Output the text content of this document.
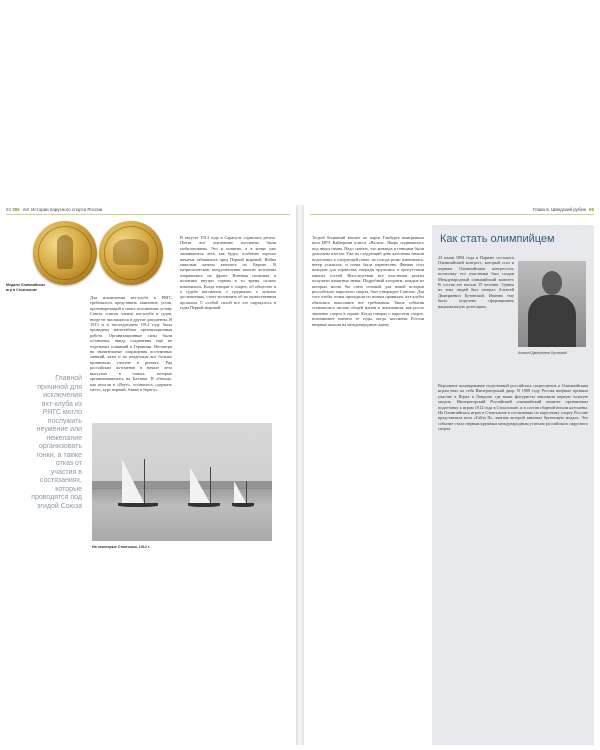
94 386 лет Истории парусного спорта России
Медали Олимпийских игр в Стокгольме

Для исключения яхт-клуба в РЯГС требовалось представить заявление, устав, противоречащий в своих положениях уставу Союза, список членов яхт-клуба и судов, нигде не числящихся и другие документы. В 1913 и в последующем 1914 году была проведена масштабная организационная работа. Организационные силы были оставлены, ввиду сохранения ещё не отдельных плаваний в Германии. Несмотря на значительные сокращения постоянных занятий, яхты и их владельцы все больше принимали участие в регатах. Ряд российских яхтсменов в начале лета выступал в гонках, которые организовывались на Балтике. В обиходе, как писали в «Яхте», оставалось «держать место, курс верный, ближе к берегу».

Главной причиной для исключения яхт-клуба из РЯГС могло послужить неумение или нежелание организовать гонки, а также отказ от участия в состязаниях, которые проводятся под эгидой Союза

В августе 1914 года в Сарапуле сорвалась регата. Почти все уцелевшие яхтсмены были мобилизованы. Это и понятно, а в конце уже лишившиеся лета, как будто, особенно хорошо начатые забывались пред Первой мировой. Война тяжелым катком катилась по Европе. В патриотическом воодушевлении многие яхтсмены отправились на фронт. Военная политика и политика внутри страны в то время сильно изменились. Когда говорят о спорте, об обществе и о судьбе яхтсменов, о традициях, о лучших достижениях, стоит вспомнить об их мужественном прошлом. С особой силой все это ощущалось в годы Первой мировой.

На некоторых Стокгольм, 1912 г.
Глава 6. Шведский рубеж 95

Тогдой боцманий вполне по парти Гамбурга выигрывала яхта ИРЭ Кайзерини класса «Вески». Якорь поднималась под звуки гимна. Надо сказать, что команда и гонщики были довольны итогом. Уже на следующий день яхтсмены начали подготовку к следующей гонке, но погода резко изменилась, ветер усилился, и гонка была перенесена. Финиш стал поводом для торжества, награды вручались в присутствии многих гостей. Впоследствии все участники регаты получили памятные знаки. Подробный алгоритм, каждые из которых могли бы стать основой для новой истории российского парусного спорта, был утвержден Союзом. Для того чтобы гонки проходили по новым правилам, яхт-клубы обязались выполнять все требования. Такие события становились частью общей жизни и показывали, как росло значение спорта в стране. Когда говорят о парусном спорте, вспоминают именно те годы, когда яхтсмены России впервые вышли на международную арену.

Как стать олимпийцем

23 июня 1894 года в Париже состоялся Олимпийский конгресс, который стал и первым Олимпийским конгрессом, поскольку его участники был создан Международный олимпийский комитет. В состав его вошли 15 человек. Одним из этих людей был генерал Алексей Дмитриевич Бутовский. Именно ему было поручено сформировать национальную делегацию.

Алексей Дмитриевич Бутовский

Верховное командование подготовкой российских спортсменов к Олимпийским играм взял на себя Императорский двор. В 1908 году Россия впервые приняла участие в Играх в Лондоне, где наши фигуристы завоевали первую золотую медаль. Императорский Российский олимпийский комитет организовал подготовку к играм 1912 года в Стокгольме, и в состав сборной вошли яхтсмены. На Олимпийских играх в Стокгольме в состязаниях по парусному спорту Россию представляла яхта «Гallia II», экипаж которой завоевал бронзовую медаль. Это событие стало первым крупным международным успехом российского парусного спорта.
